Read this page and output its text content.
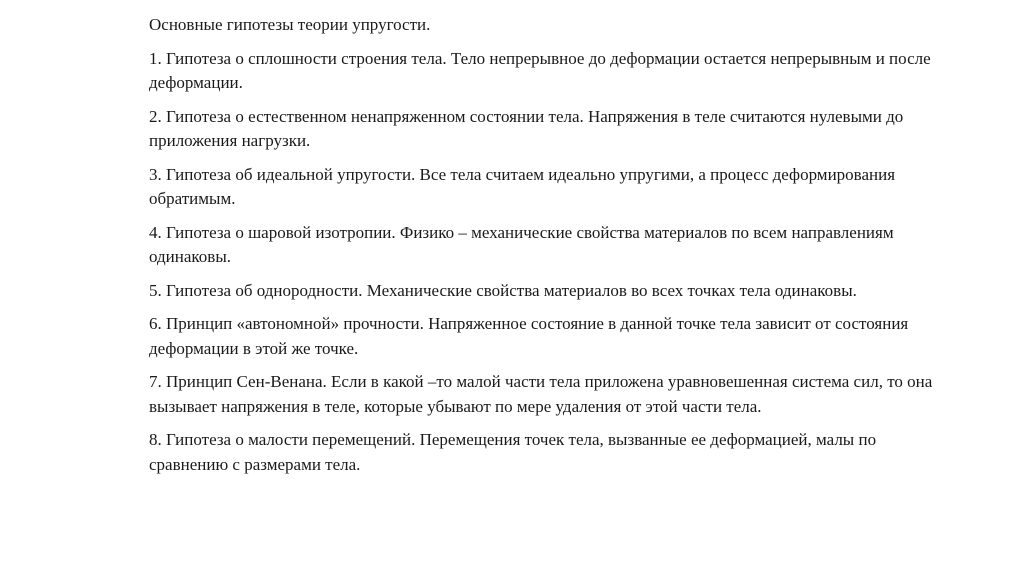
Основные гипотезы теории упругости.
1. Гипотеза о сплошности строения тела. Тело непрерывное до деформации остается непрерывным и после деформации.
2. Гипотеза о естественном ненапряженном состоянии тела. Напряжения в теле считаются нулевыми до приложения нагрузки.
3. Гипотеза об идеальной упругости. Все тела считаем идеально упругими, а процесс деформирования обратимым.
4. Гипотеза о шаровой изотропии. Физико – механические свойства материалов по всем направлениям одинаковы.
5. Гипотеза об однородности. Механические свойства материалов во всех точках тела одинаковы.
6. Принцип «автономной» прочности. Напряженное состояние в данной точке тела зависит от состояния деформации в этой же точке.
7. Принцип Сен-Венана. Если в какой –то малой части тела приложена уравновешенная система сил, то она вызывает напряжения в теле, которые убывают по мере удаления от этой части тела.
8. Гипотеза о малости перемещений. Перемещения точек тела, вызванные ее деформацией, малы по сравнению с размерами тела.
